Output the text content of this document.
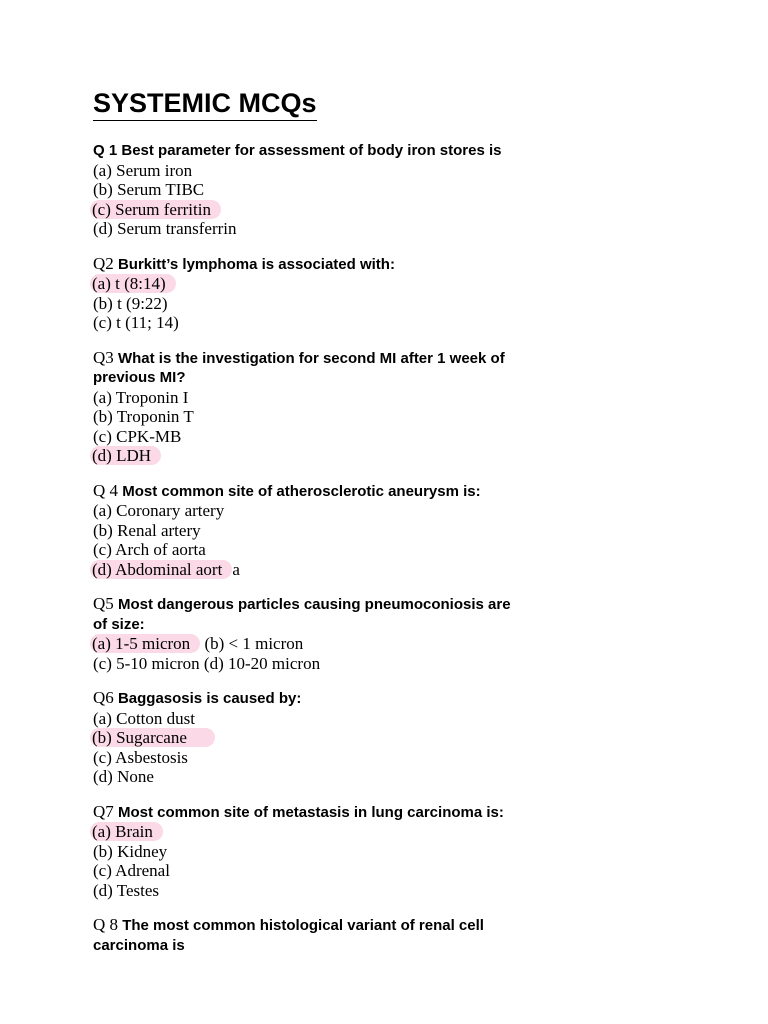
SYSTEMIC MCQs
Q 1 Best parameter for assessment of body iron stores is
(a) Serum iron
(b) Serum TIBC
(c) Serum ferritin
(d) Serum transferrin
Q2 Burkitt’s lymphoma is associated with:
(a) t (8:14)
(b) t (9:22)
(c) t (11; 14)
Q3 What is the investigation for second MI after 1 week of
previous MI?
(a) Troponin I
(b) Troponin T
(c) CPK-MB
(d) LDH
Q 4 Most common site of atherosclerotic aneurysm is:
(a) Coronary artery
(b) Renal artery
(c) Arch of aorta
(d) Abdominal aort a
Q5 Most dangerous particles causing pneumoconiosis are
of size:
(a) 1-5 micron (b) < 1 micron
(c) 5-10 micron (d) 10-20 micron
Q6 Baggasosis is caused by:
(a) Cotton dust
(b) Sugarcane
(c) Asbestosis
(d) None
Q7 Most common site of metastasis in lung carcinoma is:
(a) Brain
(b) Kidney
(c) Adrenal
(d) Testes
Q 8 The most common histological variant of renal cell
carcinoma is
